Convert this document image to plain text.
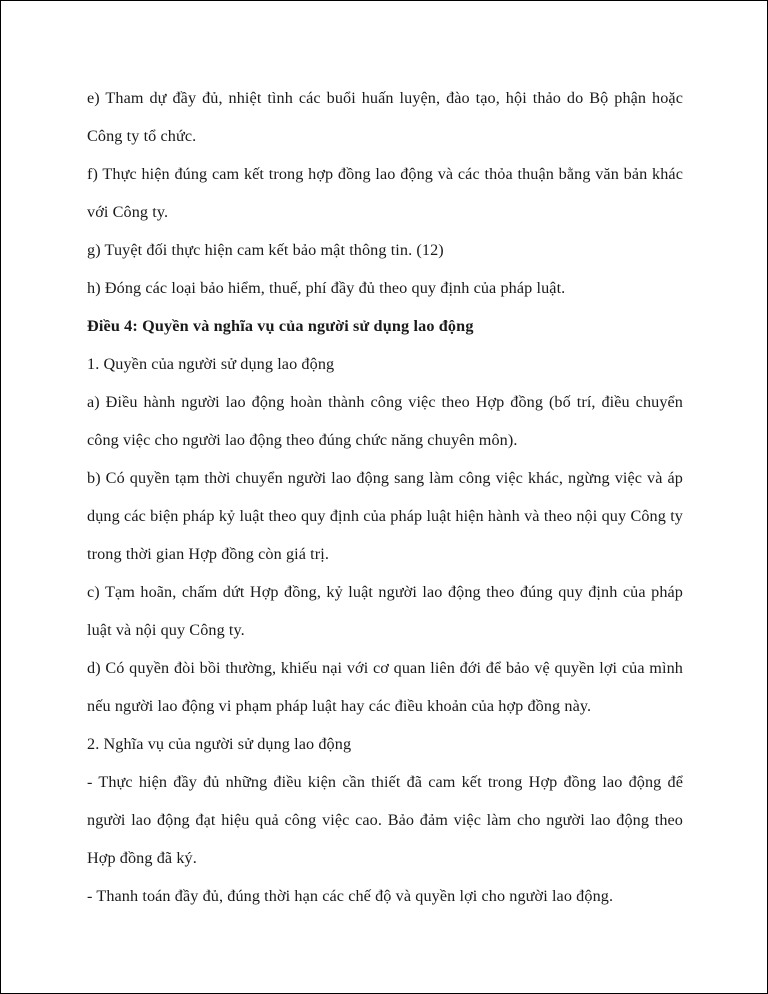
e) Tham dự đầy đủ, nhiệt tình các buổi huấn luyện, đào tạo, hội thảo do Bộ phận hoặc Công ty tổ chức.

f) Thực hiện đúng cam kết trong hợp đồng lao động và các thỏa thuận bằng văn bản khác với Công ty.

g) Tuyệt đối thực hiện cam kết bảo mật thông tin. (12)

h) Đóng các loại bảo hiểm, thuế, phí đầy đủ theo quy định của pháp luật.

Điều 4: Quyền và nghĩa vụ của người sử dụng lao động

1. Quyền của người sử dụng lao động

a) Điều hành người lao động hoàn thành công việc theo Hợp đồng (bố trí, điều chuyển công việc cho người lao động theo đúng chức năng chuyên môn).

b) Có quyền tạm thời chuyển người lao động sang làm công việc khác, ngừng việc và áp dụng các biện pháp kỷ luật theo quy định của pháp luật hiện hành và theo nội quy Công ty trong thời gian Hợp đồng còn giá trị.

c) Tạm hoãn, chấm dứt Hợp đồng, kỷ luật người lao động theo đúng quy định của pháp luật và nội quy Công ty.

d) Có quyền đòi bồi thường, khiếu nại với cơ quan liên đới để bảo vệ quyền lợi của mình nếu người lao động vi phạm pháp luật hay các điều khoản của hợp đồng này.

2. Nghĩa vụ của người sử dụng lao động

- Thực hiện đầy đủ những điều kiện cần thiết đã cam kết trong Hợp đồng lao động để người lao động đạt hiệu quả công việc cao. Bảo đảm việc làm cho người lao động theo Hợp đồng đã ký.

- Thanh toán đầy đủ, đúng thời hạn các chế độ và quyền lợi cho người lao động.
